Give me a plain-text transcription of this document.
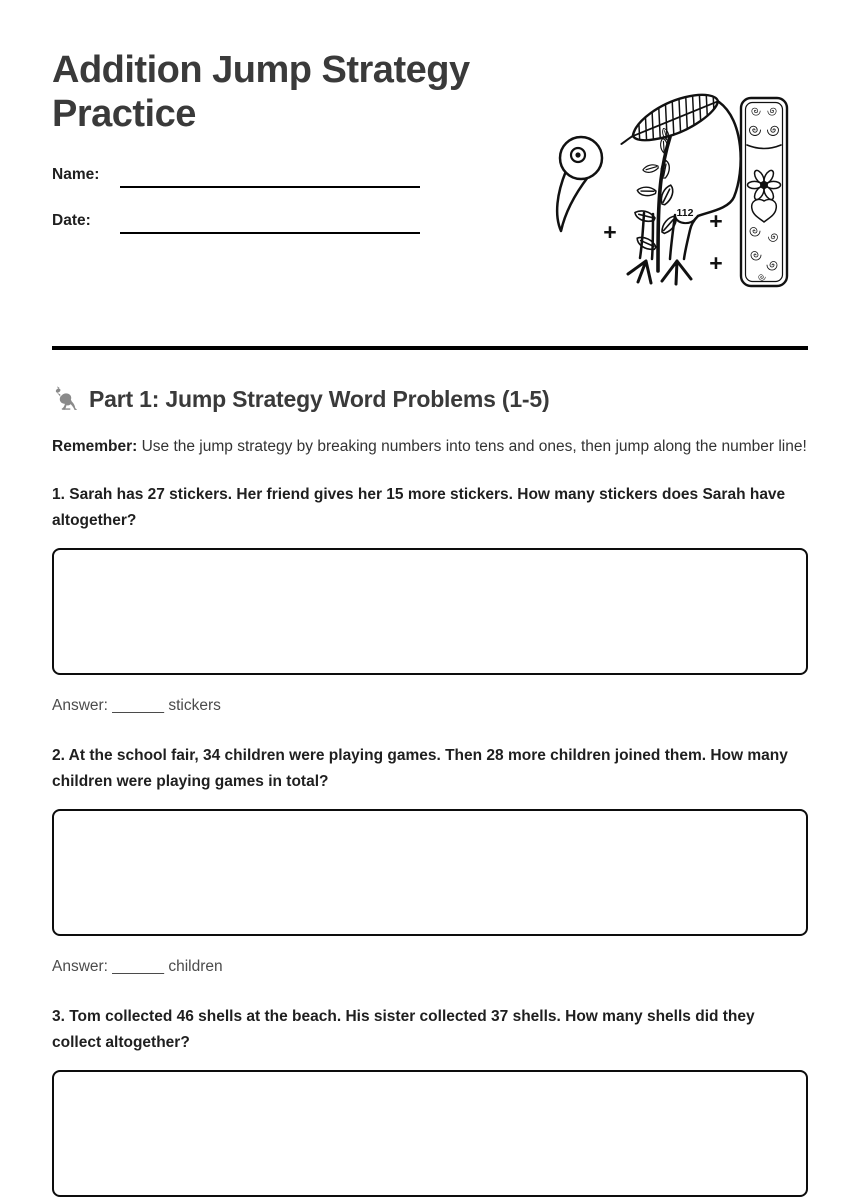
Addition Jump Strategy Practice
Name:
Date:	112
+	+
+
Part 1: Jump Strategy Word Problems (1-5)

Remember: Use the jump strategy by breaking numbers into tens and ones, then jump along the number line!

1. Sarah has 27 stickers. Her friend gives her 15 more stickers. How many stickers does Sarah have altogether?

Answer: ______ stickers

2. At the school fair, 34 children were playing games. Then 28 more children joined them. How many children were playing games in total?

Answer: ______ children

3. Tom collected 46 shells at the beach. His sister collected 37 shells. How many shells did they collect altogether?
